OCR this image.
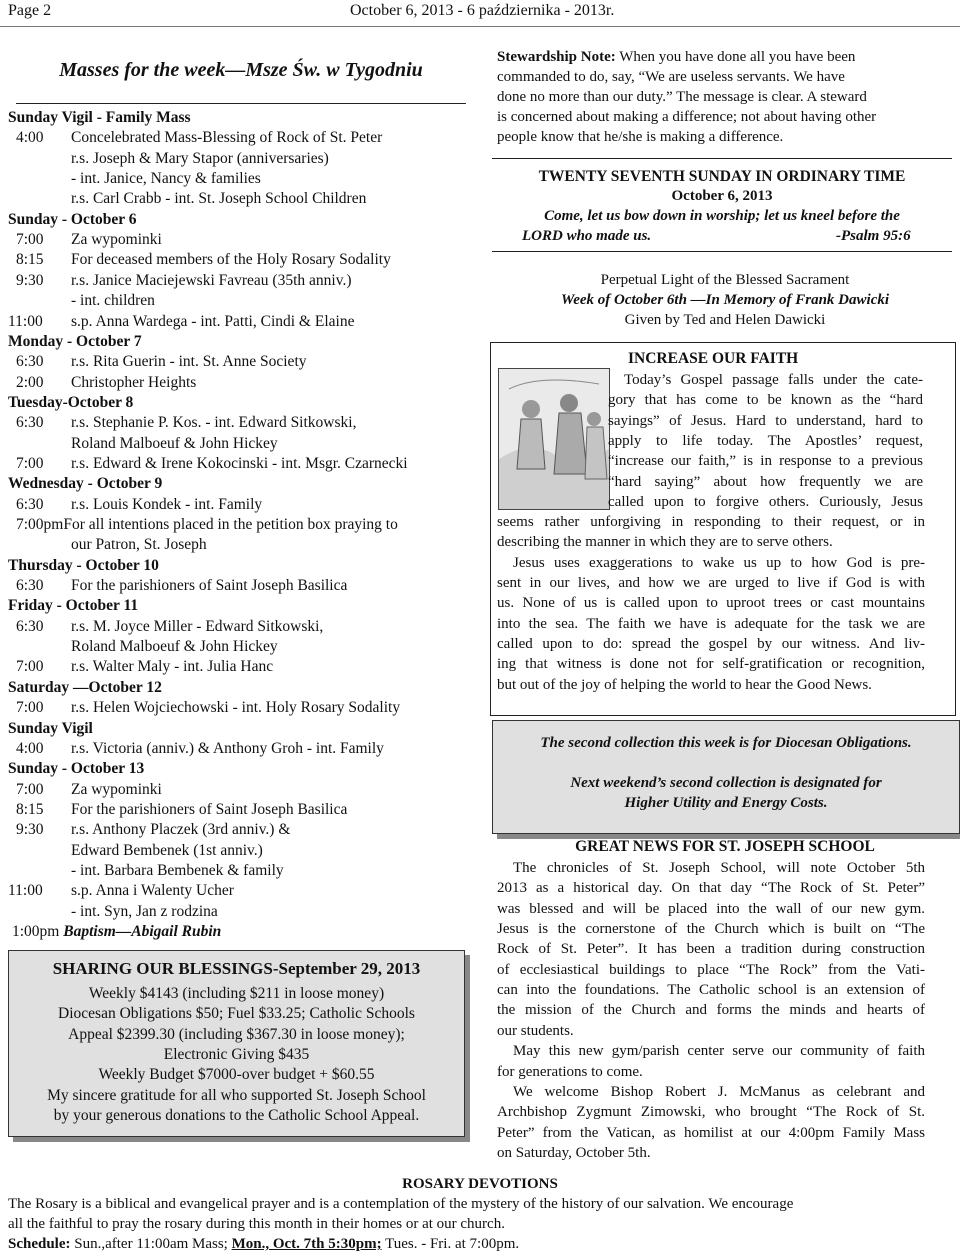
Page 2	October 6, 2013 - 6 października - 2013r.
Masses for the week—Msze Św. w Tygodniu
Sunday Vigil - Family Mass
4:00 Concelebrated Mass-Blessing of Rock of St. Peter
r.s. Joseph & Mary Stapor (anniversaries)
- int. Janice, Nancy & families
r.s. Carl Crabb - int. St. Joseph School Children
Sunday - October 6
7:00 Za wypominki
8:15 For deceased members of the Holy Rosary Sodality
9:30 r.s. Janice Maciejewski Favreau (35th anniv.)
- int. children
11:00 s.p. Anna Wardega - int. Patti, Cindi & Elaine
Monday - October 7
6:30 r.s. Rita Guerin - int. St. Anne Society
2:00 Christopher Heights
Tuesday-October 8
6:30 r.s. Stephanie P. Kos. - int. Edward Sitkowski,
Roland Malboeuf & John Hickey
7:00 r.s. Edward & Irene Kokocinski - int. Msgr. Czarnecki
Wednesday - October 9
6:30 r.s. Louis Kondek - int. Family
7:00pmFor all intentions placed in the petition box praying to
our Patron, St. Joseph
Thursday - October 10
6:30 For the parishioners of Saint Joseph Basilica
Friday - October 11
6:30 r.s. M. Joyce Miller - Edward Sitkowski,
Roland Malboeuf & John Hickey
7:00 r.s. Walter Maly - int. Julia Hanc
Saturday —October 12
7:00 r.s. Helen Wojciechowski - int. Holy Rosary Sodality
Sunday Vigil
4:00 r.s. Victoria (anniv.) & Anthony Groh - int. Family
Sunday - October 13
7:00 Za wypominki
8:15 For the parishioners of Saint Joseph Basilica
9:30 r.s. Anthony Placzek (3rd anniv.) &
Edward Bembenek (1st anniv.)
- int. Barbara Bembenek & family
11:00 s.p. Anna i Walenty Ucher
- int. Syn, Jan z rodzina
1:00pm Baptism—Abigail Rubin
SHARING OUR BLESSINGS-September 29, 2013
Weekly $4143 (including $211 in loose money)
Diocesan Obligations $50; Fuel $33.25; Catholic Schools
Appeal $2399.30 (including $367.30 in loose money);
Electronic Giving $435
Weekly Budget $7000-over budget + $60.55
My sincere gratitude for all who supported St. Joseph School
by your generous donations to the Catholic School Appeal.
Stewardship Note: When you have done all you have been
commanded to do, say, “We are useless servants. We have
done no more than our duty.” The message is clear. A steward
is concerned about making a difference; not about having other
people know that he/she is making a difference.
TWENTY SEVENTH SUNDAY IN ORDINARY TIME
October 6, 2013
Come, let us bow down in worship; let us kneel before the
LORD who made us.	-Psalm 95:6
Perpetual Light of the Blessed Sacrament
Week of October 6th —In Memory of Frank Dawicki
Given by Ted and Helen Dawicki
INCREASE OUR FAITH
Today’s Gospel passage falls under the cate-
gory that has come to be known as the “hard
sayings” of Jesus. Hard to understand, hard to
apply to life today. The Apostles’ request,
“increase our faith,” is in response to a previous
“hard saying” about how frequently we are
called upon to forgive others. Curiously, Jesus
seems rather unforgiving in responding to their request, or in
describing the manner in which they are to serve others.
Jesus uses exaggerations to wake us up to how God is pre-
sent in our lives, and how we are urged to live if God is with
us. None of us is called upon to uproot trees or cast mountains
into the sea. The faith we have is adequate for the task we are
called upon to do: spread the gospel by our witness. And liv-
ing that witness is done not for self-gratification or recognition,
but out of the joy of helping the world to hear the Good News.
The second collection this week is for Diocesan Obligations.
Next weekend’s second collection is designated for
Higher Utility and Energy Costs.
GREAT NEWS FOR ST. JOSEPH SCHOOL
The chronicles of St. Joseph School, will note October 5th
2013 as a historical day. On that day “The Rock of St. Peter”
was blessed and will be placed into the wall of our new gym.
Jesus is the cornerstone of the Church which is built on “The
Rock of St. Peter”. It has been a tradition during construction
of ecclesiastical buildings to place “The Rock” from the Vati-
can into the foundations. The Catholic school is an extension of
the mission of the Church and forms the minds and hearts of
our students.
May this new gym/parish center serve our community of faith
for generations to come.
We welcome Bishop Robert J. McManus as celebrant and
Archbishop Zygmunt Zimowski, who brought “The Rock of St.
Peter” from the Vatican, as homilist at our 4:00pm Family Mass
on Saturday, October 5th.
ROSARY DEVOTIONS
The Rosary is a biblical and evangelical prayer and is a contemplation of the mystery of the history of our salvation. We encourage
all the faithful to pray the rosary during this month in their homes or at our church.
Schedule: Sun.,after 11:00am Mass; Mon., Oct. 7th 5:30pm; Tues. - Fri. at 7:00pm.
